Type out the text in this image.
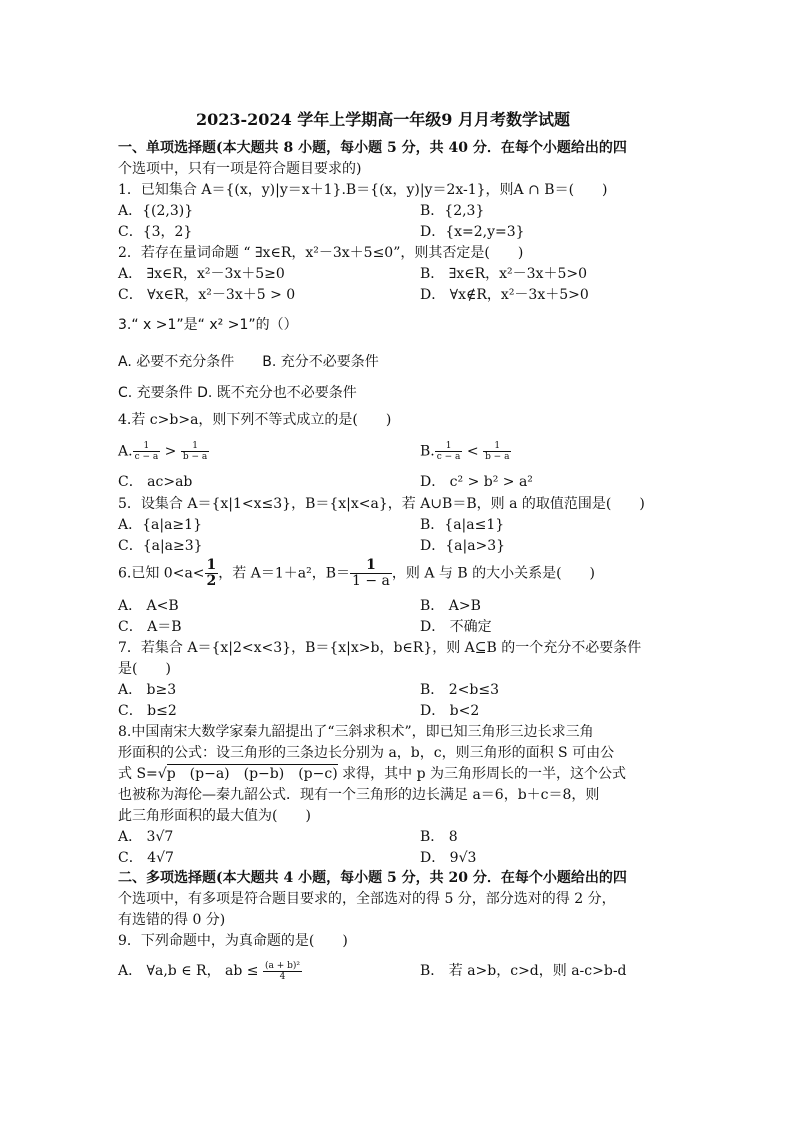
2023-2024 学年上学期高一年级9 月月考数学试题
一、单项选择题(本大题共 8 小题，每小题 5 分，共 40 分．在每个小题给出的四
个选项中，只有一项是符合题目要求的)
1．已知集合 A＝{(x，y)|y＝x＋1}.B＝{(x，y)|y＝2x-1}，则A ∩ B＝(　　)
A．{(2,3)}	B．{2,3}
C．{3，2}	D．{x=2,y=3}
2．若存在量词命题 “ ∃x∈R，x²－3x＋5≤0”，则其否定是(　　)
A． ∃x∈R，x²－3x＋5≥0	B． ∃x∈R，x²－3x＋5>0
C． ∀x∈R，x²－3x＋5 > 0	D． ∀x∉R，x²－3x＋5>0
3.“ x >1”是“ x² >1”的（）
A. 必要不充分条件　　B. 充分不必要条件
C. 充要条件 D. 既不充分也不必要条件
4.若 c>b>a，则下列不等式成立的是(　　)
A. $\frac{1}{c - a} > \frac{1}{b - a}$	B. $\frac{1}{c - a} < \frac{1}{b - a}$
C． ac>ab	D． c² > b² > a²
5．设集合 A＝{x|1<x≤3}，B＝{x|x<a}，若 A∪B＝B，则 a 的取值范围是(　　)
A．{a|a≥1}	B．{a|a≤1}
C．{a|a≥3}	D．{a|a>3}
6.已知 $0<a< \frac{1}{2}$ ，若 A＝1＋a²，$B= \frac{1}{1 - a}$ ，则 A 与 B 的大小关系是(　　)
A． A<B	B． A>B
C． A＝B	D． 不确定
7．若集合 A＝{x|2<x<3}，B＝{x|x>b，b∈R}，则 A⊆B 的一个充分不必要条件
是(　　)
A． b≥3	B． 2<b≤3
C． b≤2	D． b<2
8.中国南宋大数学家秦九韶提出了“三斜求积术”，即已知三角形三边长求三角
形面积的公式：设三角形的三条边长分别为 a，b，c，则三角形的面积 S 可由公
式 S=√p　(p−a)　(p−b)　(p−c) 求得，其中 p 为三角形周长的一半，这个公式
也被称为海伦—秦九韶公式．现有一个三角形的边长满足 a＝6，b＋c＝8，则
此三角形面积的最大值为(　　)
A． 3√7	B． 8
C． 4√7	D． 9√3
二、多项选择题(本大题共 4 小题，每小题 5 分，共 20 分．在每个小题给出的四
个选项中，有多项是符合题目要求的，全部选对的得 5 分，部分选对的得 2 分，
有选错的得 0 分)
9．下列命题中，为真命题的是(　　)
A． ∀a,b ∈ R， ab ≤ $\frac{\text{(a + b)²}}{4}$	B． 若 a>b，c>d，则 a-c>b-d
